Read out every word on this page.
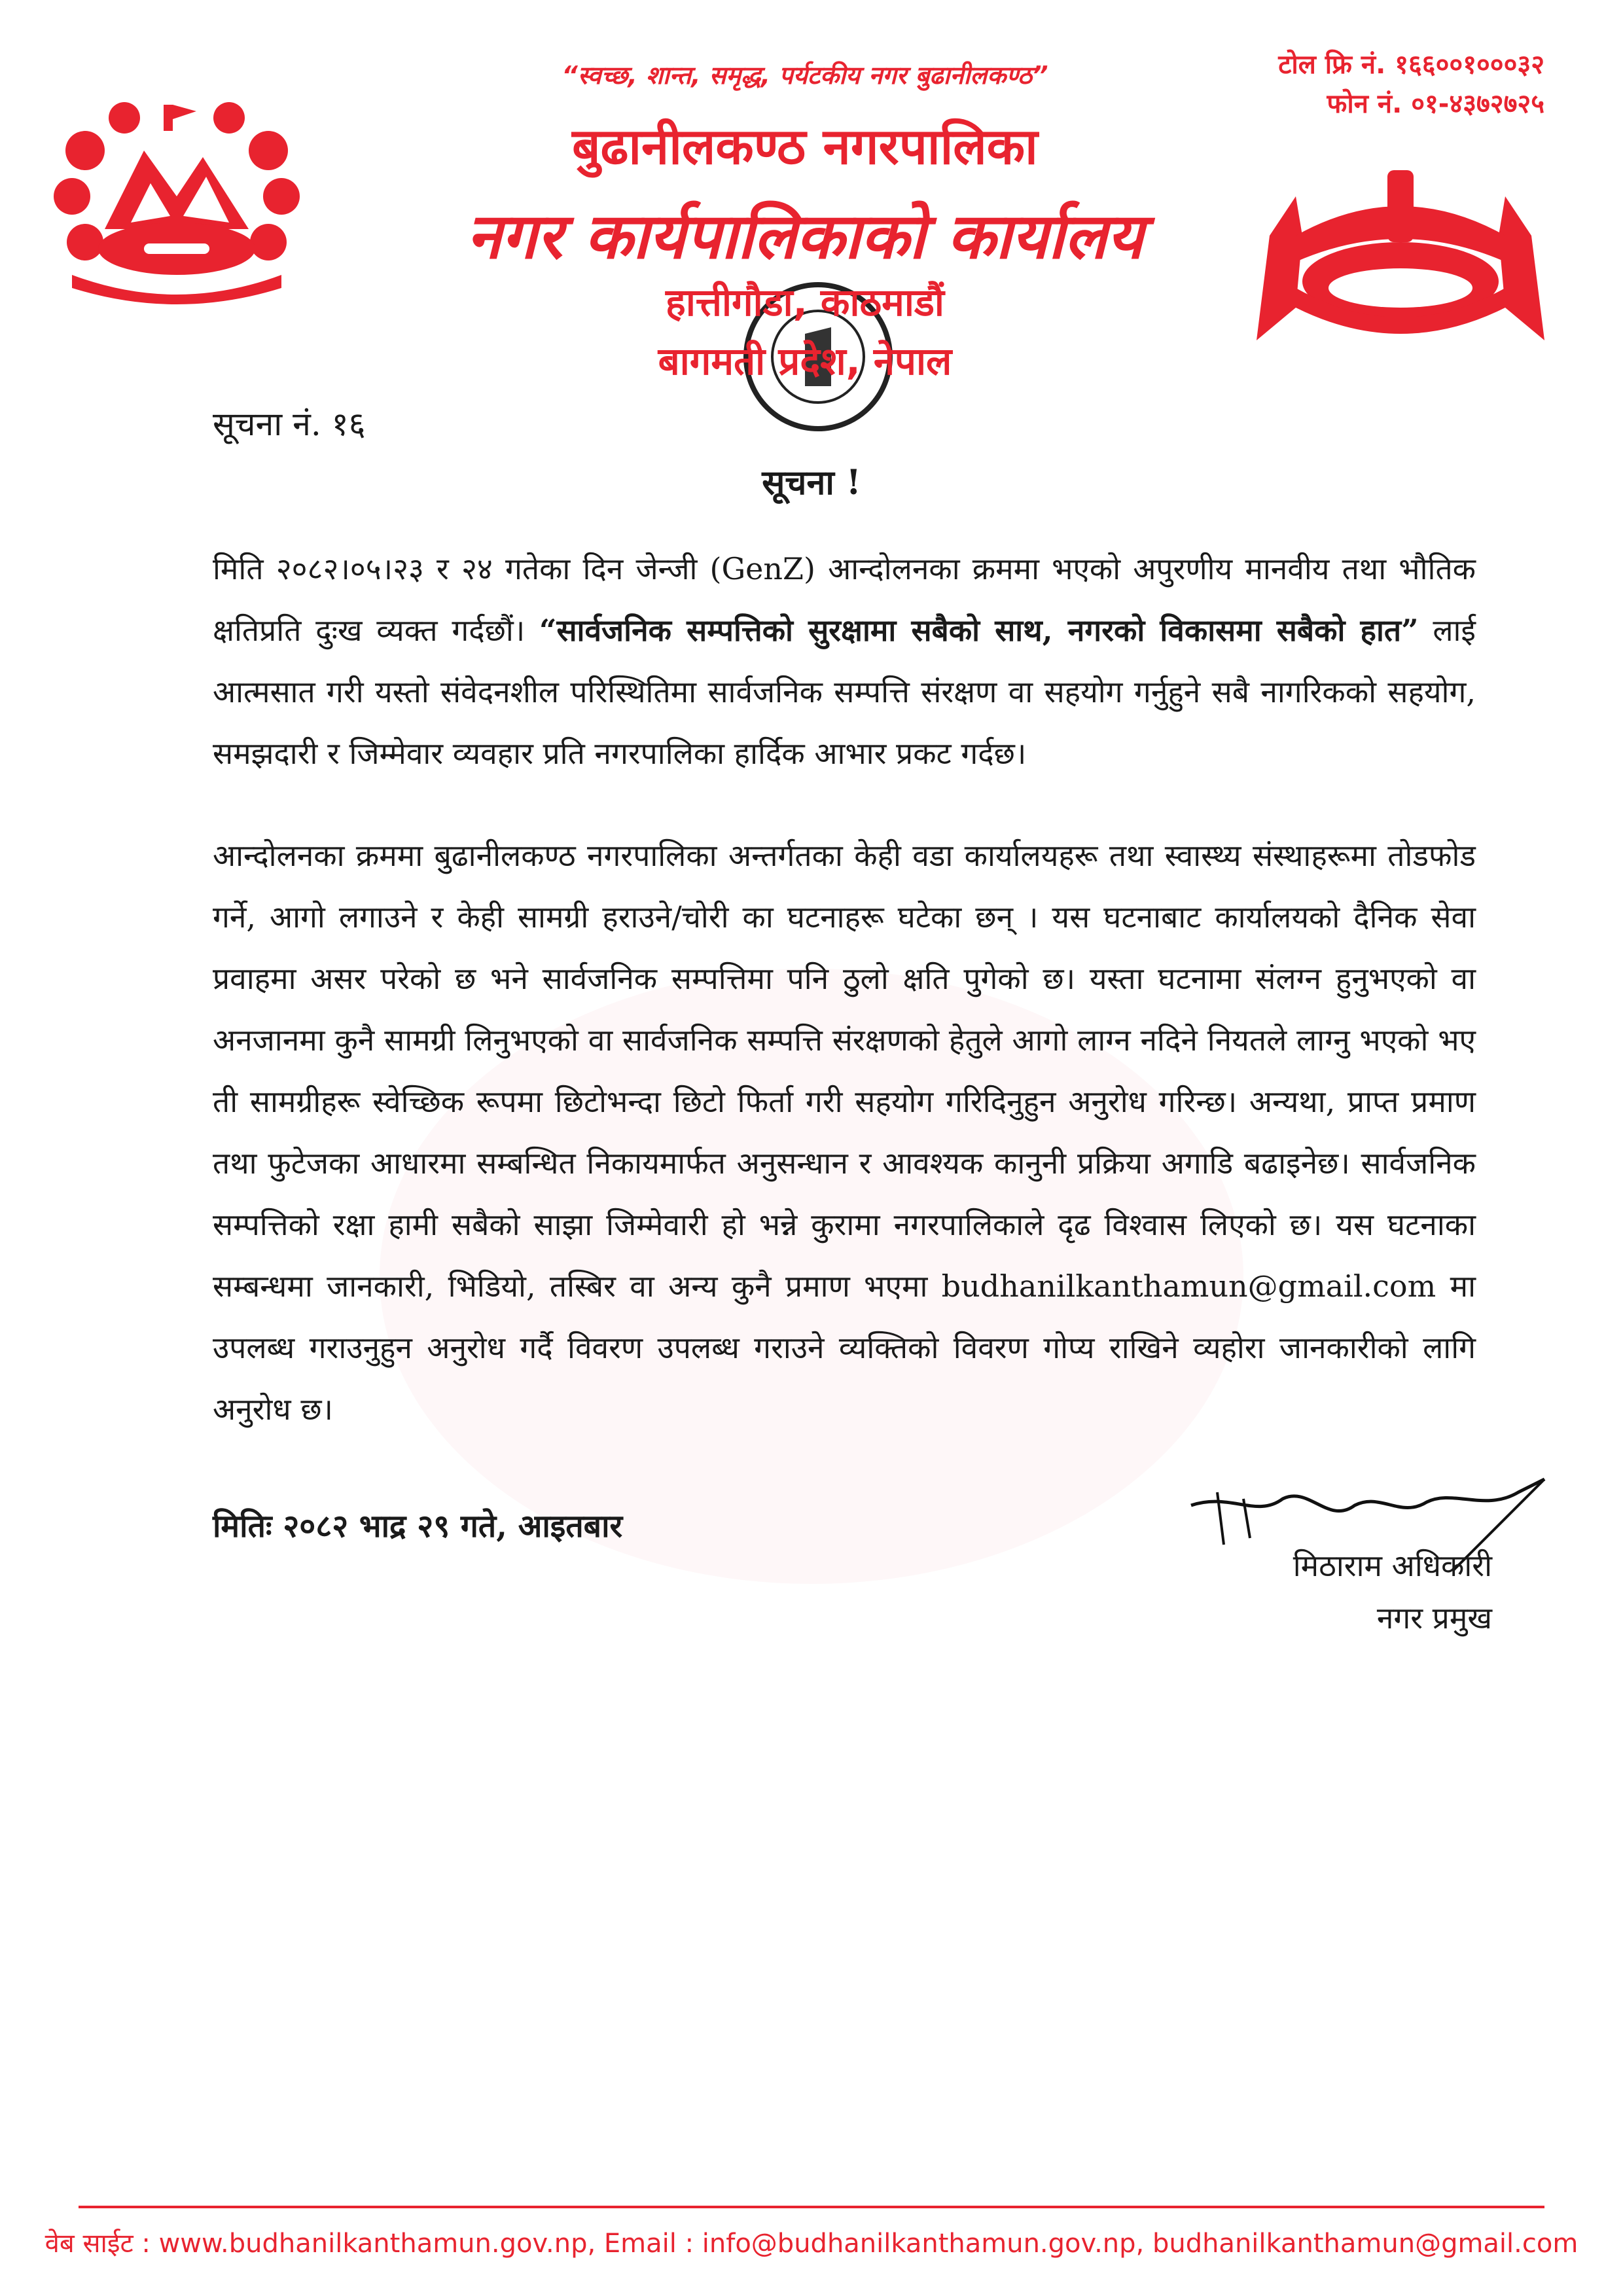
“स्वच्छ, शान्त, समृद्ध, पर्यटकीय नगर बुढानीलकण्ठ”	टोल फ्रि नं. १६६००१०००३२
फोन नं. ०१-४३७२७२५
बुढानीलकण्ठ नगरपालिका
नगर कार्यपालिकाको कार्यालय
हात्तीगौडा, काठमाडौं
बागमती प्रदेश, नेपाल
सूचना नं. १६
सूचना !
मिति २०८२।०५।२३ र २४ गतेका दिन जेन्जी (GenZ) आन्दोलनका क्रममा भएको अपुरणीय मानवीय तथा भौतिक क्षतिप्रति दुःख व्यक्त गर्दछौं। “सार्वजनिक सम्पत्तिको सुरक्षामा सबैको साथ, नगरको विकासमा सबैको हात” लाई आत्मसात गरी यस्तो संवेदनशील परिस्थितिमा सार्वजनिक सम्पत्ति संरक्षण वा सहयोग गर्नुहुने सबै नागरिकको सहयोग, समझदारी र जिम्मेवार व्यवहार प्रति नगरपालिका हार्दिक आभार प्रकट गर्दछ।
आन्दोलनका क्रममा बुढानीलकण्ठ नगरपालिका अन्तर्गतका केही वडा कार्यालयहरू तथा स्वास्थ्य संस्थाहरूमा तोडफोड गर्ने, आगो लगाउने र केही सामग्री हराउने/चोरी का घटनाहरू घटेका छन् । यस घटनाबाट कार्यालयको दैनिक सेवा प्रवाहमा असर परेको छ भने सार्वजनिक सम्पत्तिमा पनि ठुलो क्षति पुगेको छ। यस्ता घटनामा संलग्न हुनुभएको वा अनजानमा कुनै सामग्री लिनुभएको वा सार्वजनिक सम्पत्ति संरक्षणको हेतुले आगो लाग्न नदिने नियतले लाग्नु भएको भए ती सामग्रीहरू स्वेच्छिक रूपमा छिटोभन्दा छिटो फिर्ता गरी सहयोग गरिदिनुहुन अनुरोध गरिन्छ। अन्यथा, प्राप्त प्रमाण तथा फुटेजका आधारमा सम्बन्धित निकायमार्फत अनुसन्धान र आवश्यक कानुनी प्रक्रिया अगाडि बढाइनेछ। सार्वजनिक सम्पत्तिको रक्षा हामी सबैको साझा जिम्मेवारी हो भन्ने कुरामा नगरपालिकाले दृढ विश्वास लिएको छ। यस घटनाका सम्बन्धमा जानकारी, भिडियो, तस्बिर वा अन्य कुनै प्रमाण भएमा budhanilkanthamun@gmail.com मा उपलब्ध गराउनुहुन अनुरोध गर्दै विवरण उपलब्ध गराउने व्यक्तिको विवरण गोप्य राखिने व्यहोरा जानकारीको लागि अनुरोध छ।
मितिः २०८२ भाद्र २९ गते, आइतबार
मिठाराम अधिकारी
नगर प्रमुख
वेब साईट : www.budhanilkanthamun.gov.np, Email : info@budhanilkanthamun.gov.np, budhanilkanthamun@gmail.com
